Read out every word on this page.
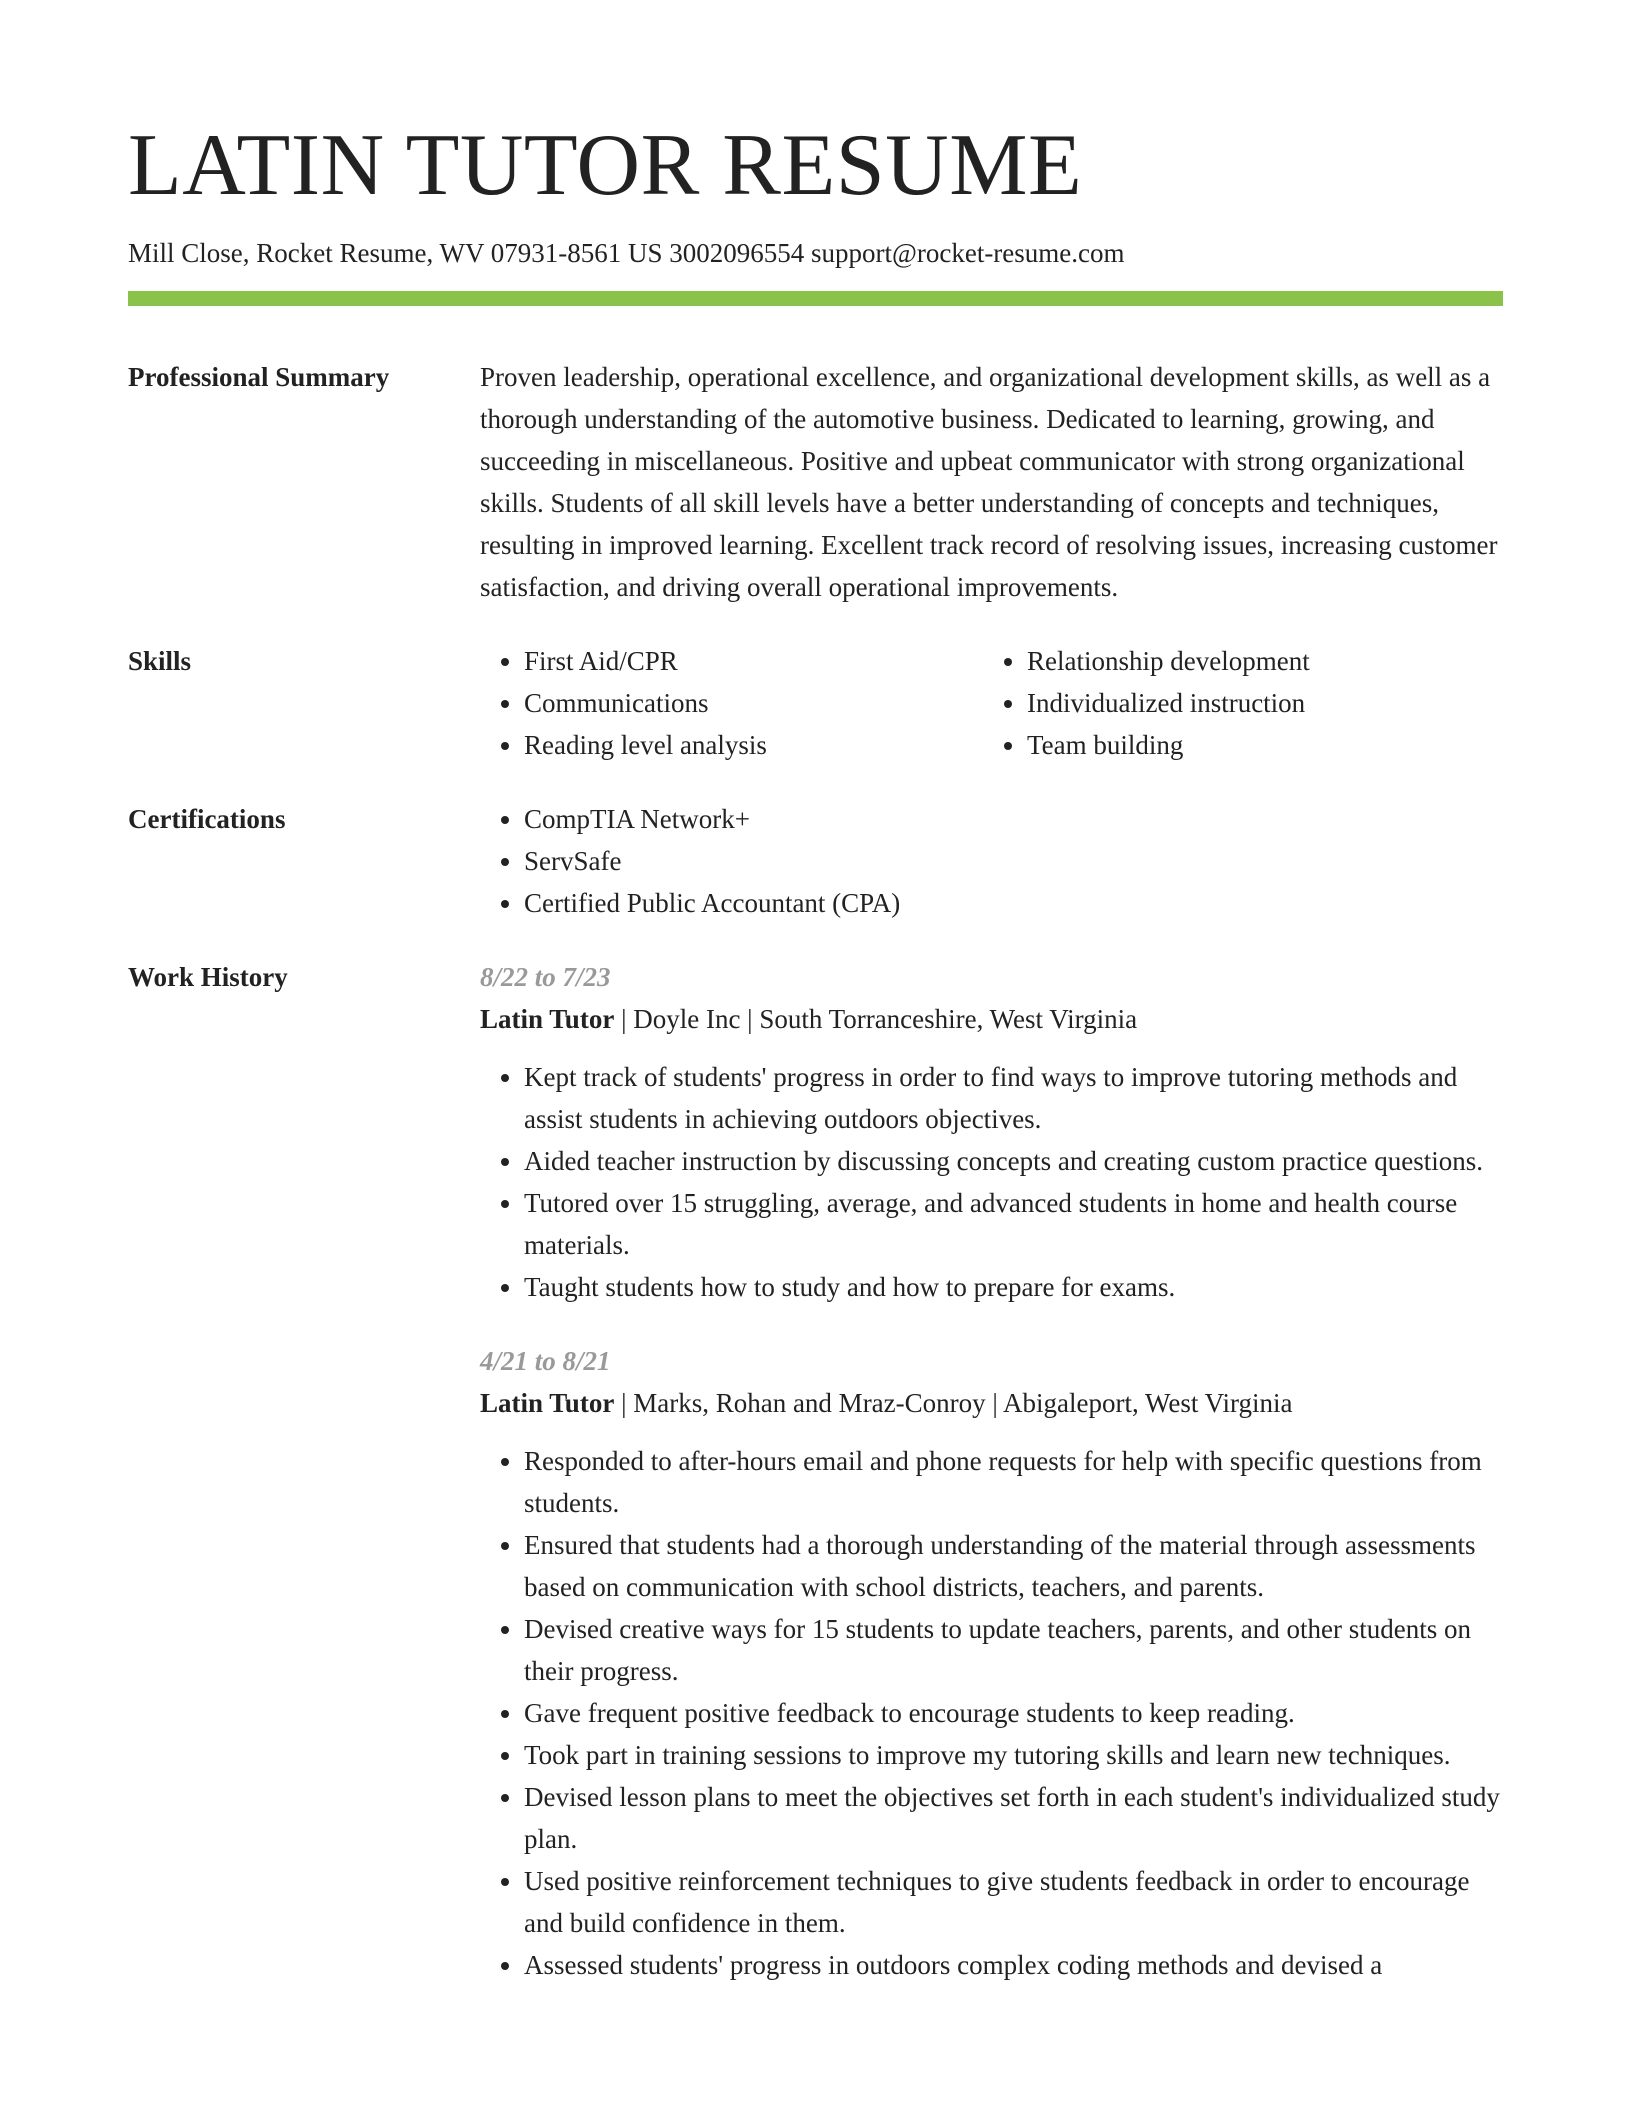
LATIN TUTOR RESUME
Mill Close, Rocket Resume, WV 07931-8561 US 3002096554 support@rocket-resume.com
Professional Summary	Proven leadership, operational excellence, and organizational development skills, as well as a thorough understanding of the automotive business. Dedicated to learning, growing, and succeeding in miscellaneous. Positive and upbeat communicator with strong organizational skills. Students of all skill levels have a better understanding of concepts and techniques, resulting in improved learning. Excellent track record of resolving issues, increasing customer satisfaction, and driving overall operational improvements.
Skills	• First Aid/CPR
• Communications
• Reading level analysis
• Relationship development
• Individualized instruction
• Team building
Certifications	• CompTIA Network+
• ServSafe
• Certified Public Accountant (CPA)
Work History	8/22 to 7/23
Latin Tutor | Doyle Inc | South Torranceshire, West Virginia
• Kept track of students' progress in order to find ways to improve tutoring methods and assist students in achieving outdoors objectives.
• Aided teacher instruction by discussing concepts and creating custom practice questions.
• Tutored over 15 struggling, average, and advanced students in home and health course materials.
• Taught students how to study and how to prepare for exams.
4/21 to 8/21
Latin Tutor | Marks, Rohan and Mraz-Conroy | Abigaleport, West Virginia
• Responded to after-hours email and phone requests for help with specific questions from students.
• Ensured that students had a thorough understanding of the material through assessments based on communication with school districts, teachers, and parents.
• Devised creative ways for 15 students to update teachers, parents, and other students on their progress.
• Gave frequent positive feedback to encourage students to keep reading.
• Took part in training sessions to improve my tutoring skills and learn new techniques.
• Devised lesson plans to meet the objectives set forth in each student's individualized study plan.
• Used positive reinforcement techniques to give students feedback in order to encourage and build confidence in them.
• Assessed students' progress in outdoors complex coding methods and devised a
